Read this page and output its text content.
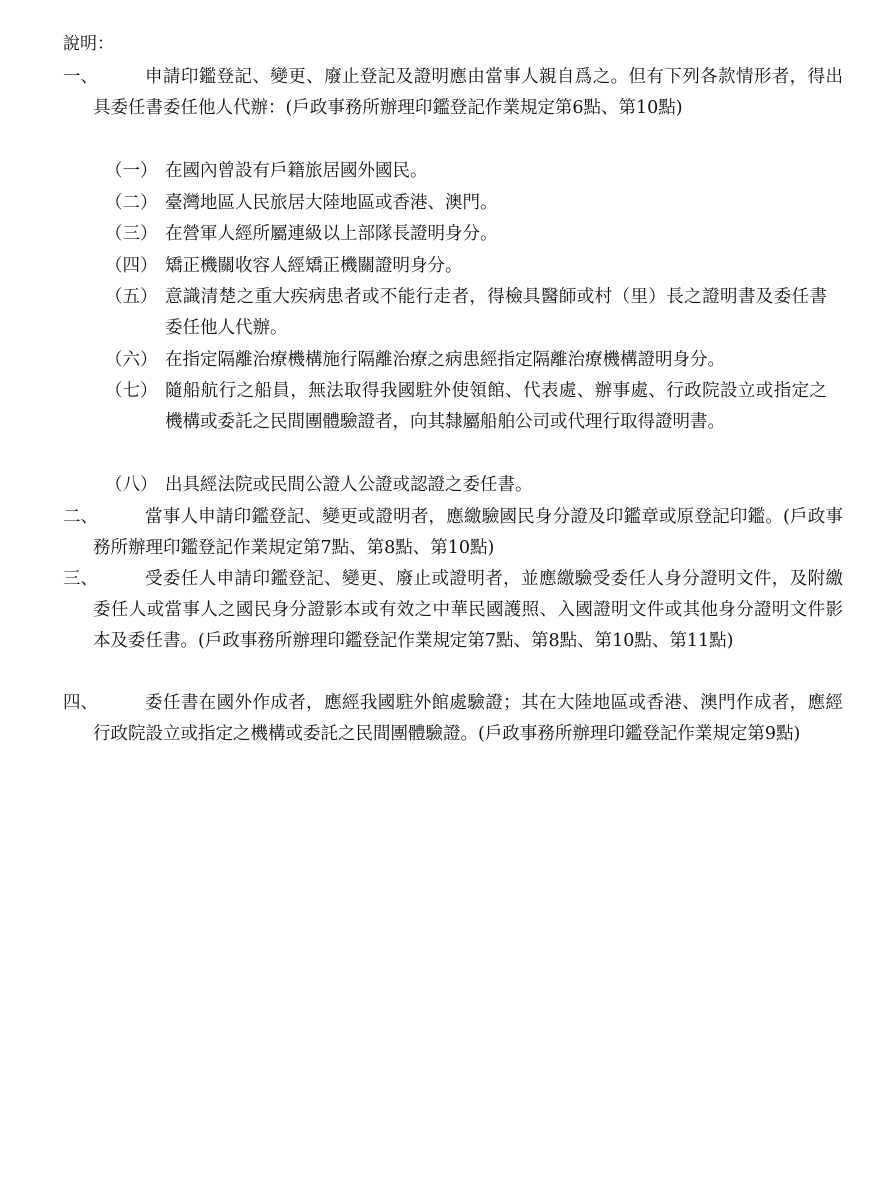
說明：
一、	申請印鑑登記、變更、廢止登記及證明應由當事人親自爲之。但有下列各款情形者，得出具委任書委任他人代辦：(戶政事務所辦理印鑑登記作業規定第6點、第10點)
（一） 在國內曾設有戶籍旅居國外國民。
（二） 臺灣地區人民旅居大陸地區或香港、澳門。
（三） 在營軍人經所屬連級以上部隊長證明身分。
（四） 矯正機關收容人經矯正機關證明身分。
（五） 意識清楚之重大疾病患者或不能行走者，得檢具醫師或村（里）長之證明書及委任書委任他人代辦。
（六） 在指定隔離治療機構施行隔離治療之病患經指定隔離治療機構證明身分。
（七） 隨船航行之船員，無法取得我國駐外使領館、代表處、辦事處、行政院設立或指定之機構或委託之民間團體驗證者，向其隸屬船舶公司或代理行取得證明書。
（八） 出具經法院或民間公證人公證或認證之委任書。
二、	當事人申請印鑑登記、變更或證明者，應繳驗國民身分證及印鑑章或原登記印鑑。(戶政事務所辦理印鑑登記作業規定第7點、第8點、第10點)
三、	受委任人申請印鑑登記、變更、廢止或證明者，並應繳驗受委任人身分證明文件，及附繳委任人或當事人之國民身分證影本或有效之中華民國護照、入國證明文件或其他身分證明文件影本及委任書。(戶政事務所辦理印鑑登記作業規定第7點、第8點、第10點、第11點)
四、	委任書在國外作成者，應經我國駐外館處驗證；其在大陸地區或香港、澳門作成者，應經行政院設立或指定之機構或委託之民間團體驗證。(戶政事務所辦理印鑑登記作業規定第9點)
